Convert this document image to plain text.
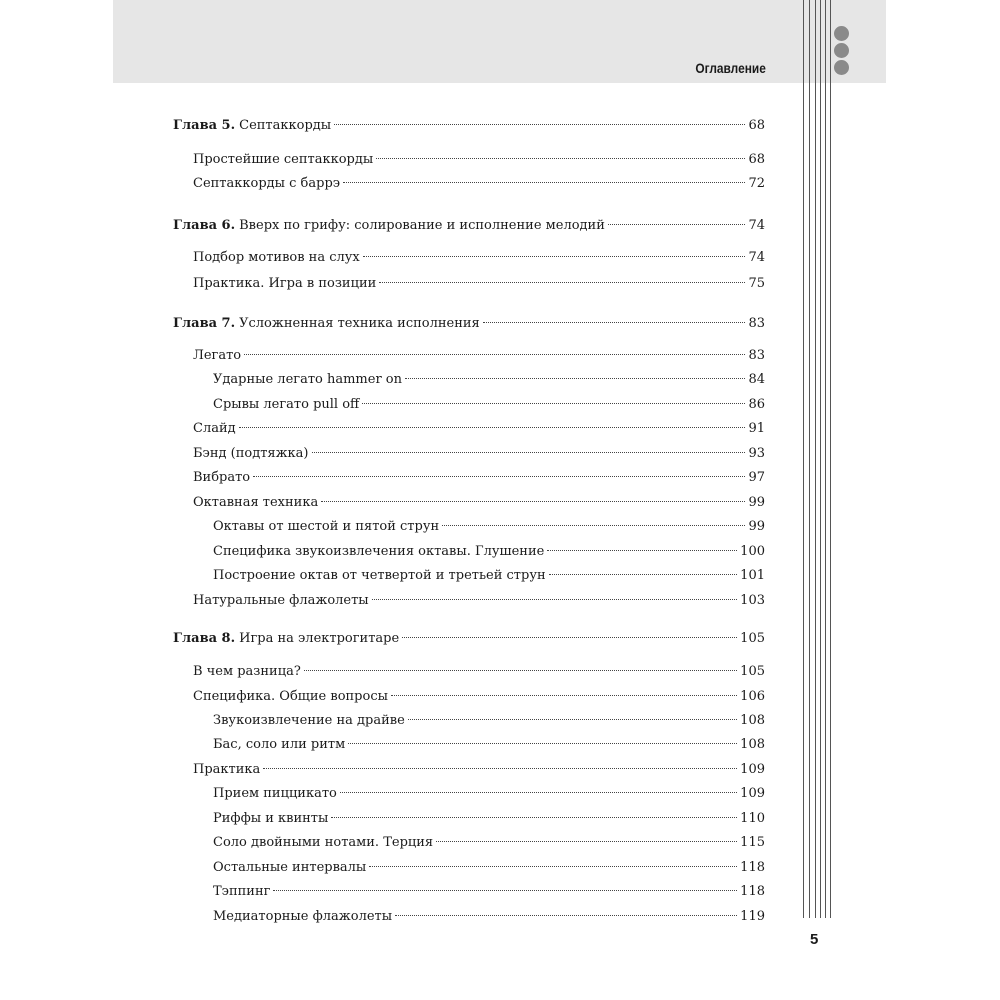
Оглавление
Глава 5. Септаккорды	68
Простейшие септаккорды	68
Септаккорды с баррэ	72
Глава 6. Вверх по грифу: солирование и исполнение мелодий	74
Подбор мотивов на слух	74
Практика. Игра в позиции	75
Глава 7. Усложненная техника исполнения	83
Легато	83
Ударные легато hammer on	84
Срывы легато pull off	86
Слайд	91
Бэнд (подтяжка)	93
Вибрато	97
Октавная техника	99
Октавы от шестой и пятой струн	99
Специфика звукоизвлечения октавы. Глушение	100
Построение октав от четвертой и третьей струн	101
Натуральные флажолеты	103
Глава 8. Игра на электрогитаре	105
В чем разница?	105
Специфика. Общие вопросы	106
Звукоизвлечение на драйве	108
Бас, соло или ритм	108
Практика	109
Прием пиццикато	109
Риффы и квинты	110
Соло двойными нотами. Терция	115
Остальные интервалы	118
Тэппинг	118
Медиаторные флажолеты	119
5
